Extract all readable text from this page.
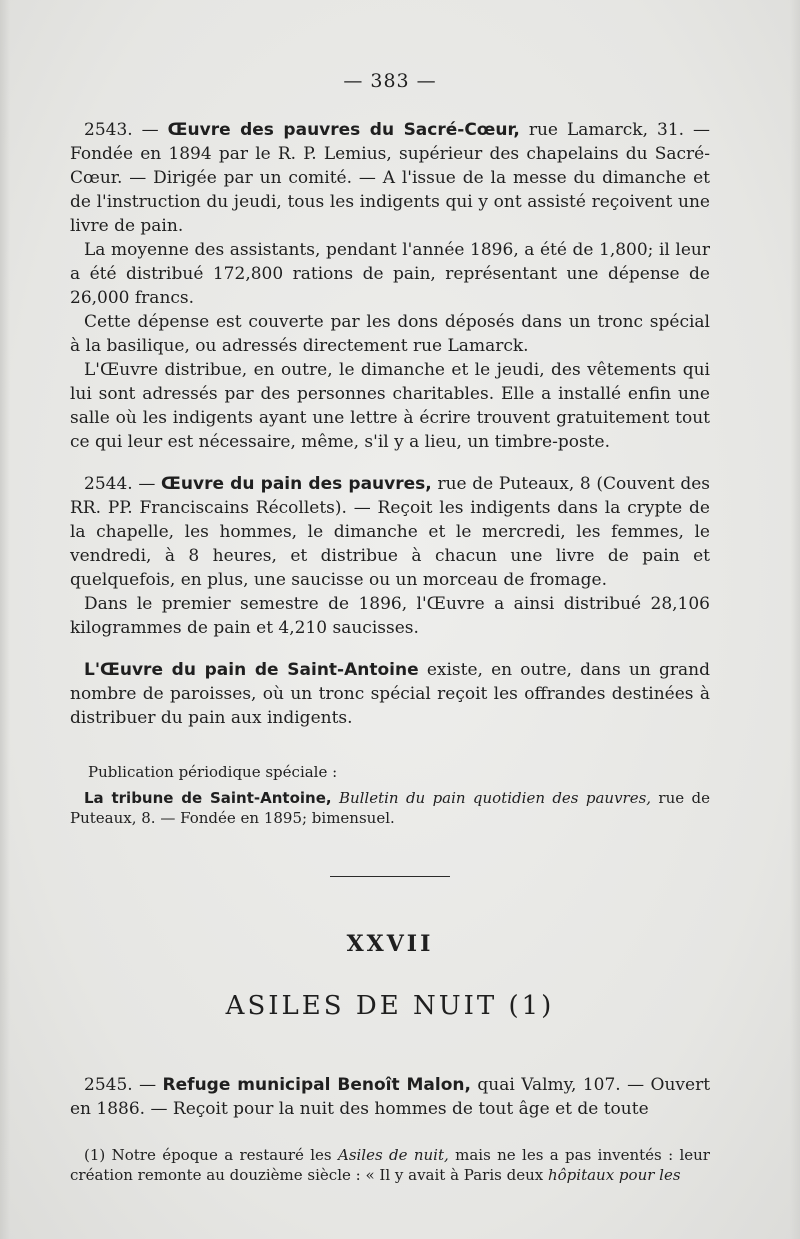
— 383 —

2543. — Œuvre des pauvres du Sacré-Cœur, rue Lamarck, 31. — Fondée en 1894 par le R. P. Lemius, supérieur des chapelains du Sacré-Cœur. — Dirigée par un comité. — A l'issue de la messe du dimanche et de l'instruction du jeudi, tous les indigents qui y ont assisté reçoivent une livre de pain.

La moyenne des assistants, pendant l'année 1896, a été de 1,800; il leur a été distribué 172,800 rations de pain, représentant une dépense de 26,000 francs.

Cette dépense est couverte par les dons déposés dans un tronc spécial à la basilique, ou adressés directement rue Lamarck.

L'Œuvre distribue, en outre, le dimanche et le jeudi, des vêtements qui lui sont adressés par des personnes charitables. Elle a installé enfin une salle où les indigents ayant une lettre à écrire trouvent gratuitement tout ce qui leur est nécessaire, même, s'il y a lieu, un timbre-poste.

2544. — Œuvre du pain des pauvres, rue de Puteaux, 8 (Couvent des RR. PP. Franciscains Récollets). — Reçoit les indigents dans la crypte de la chapelle, les hommes, le dimanche et le mercredi, les femmes, le vendredi, à 8 heures, et distribue à chacun une livre de pain et quelquefois, en plus, une saucisse ou un morceau de fromage.

Dans le premier semestre de 1896, l'Œuvre a ainsi distribué 28,106 kilogrammes de pain et 4,210 saucisses.

L'Œuvre du pain de Saint-Antoine existe, en outre, dans un grand nombre de paroisses, où un tronc spécial reçoit les offrandes destinées à distribuer du pain aux indigents.

Publication périodique spéciale :

La tribune de Saint-Antoine, Bulletin du pain quotidien des pauvres, rue de Puteaux, 8. — Fondée en 1895; bimensuel.

XXVII
ASILES DE NUIT (1)

2545. — Refuge municipal Benoît Malon, quai Valmy, 107. — Ouvert en 1886. — Reçoit pour la nuit des hommes de tout âge et de toute

(1) Notre époque a restauré les Asiles de nuit, mais ne les a pas inventés : leur création remonte au douzième siècle : « Il y avait à Paris deux hôpitaux pour les
